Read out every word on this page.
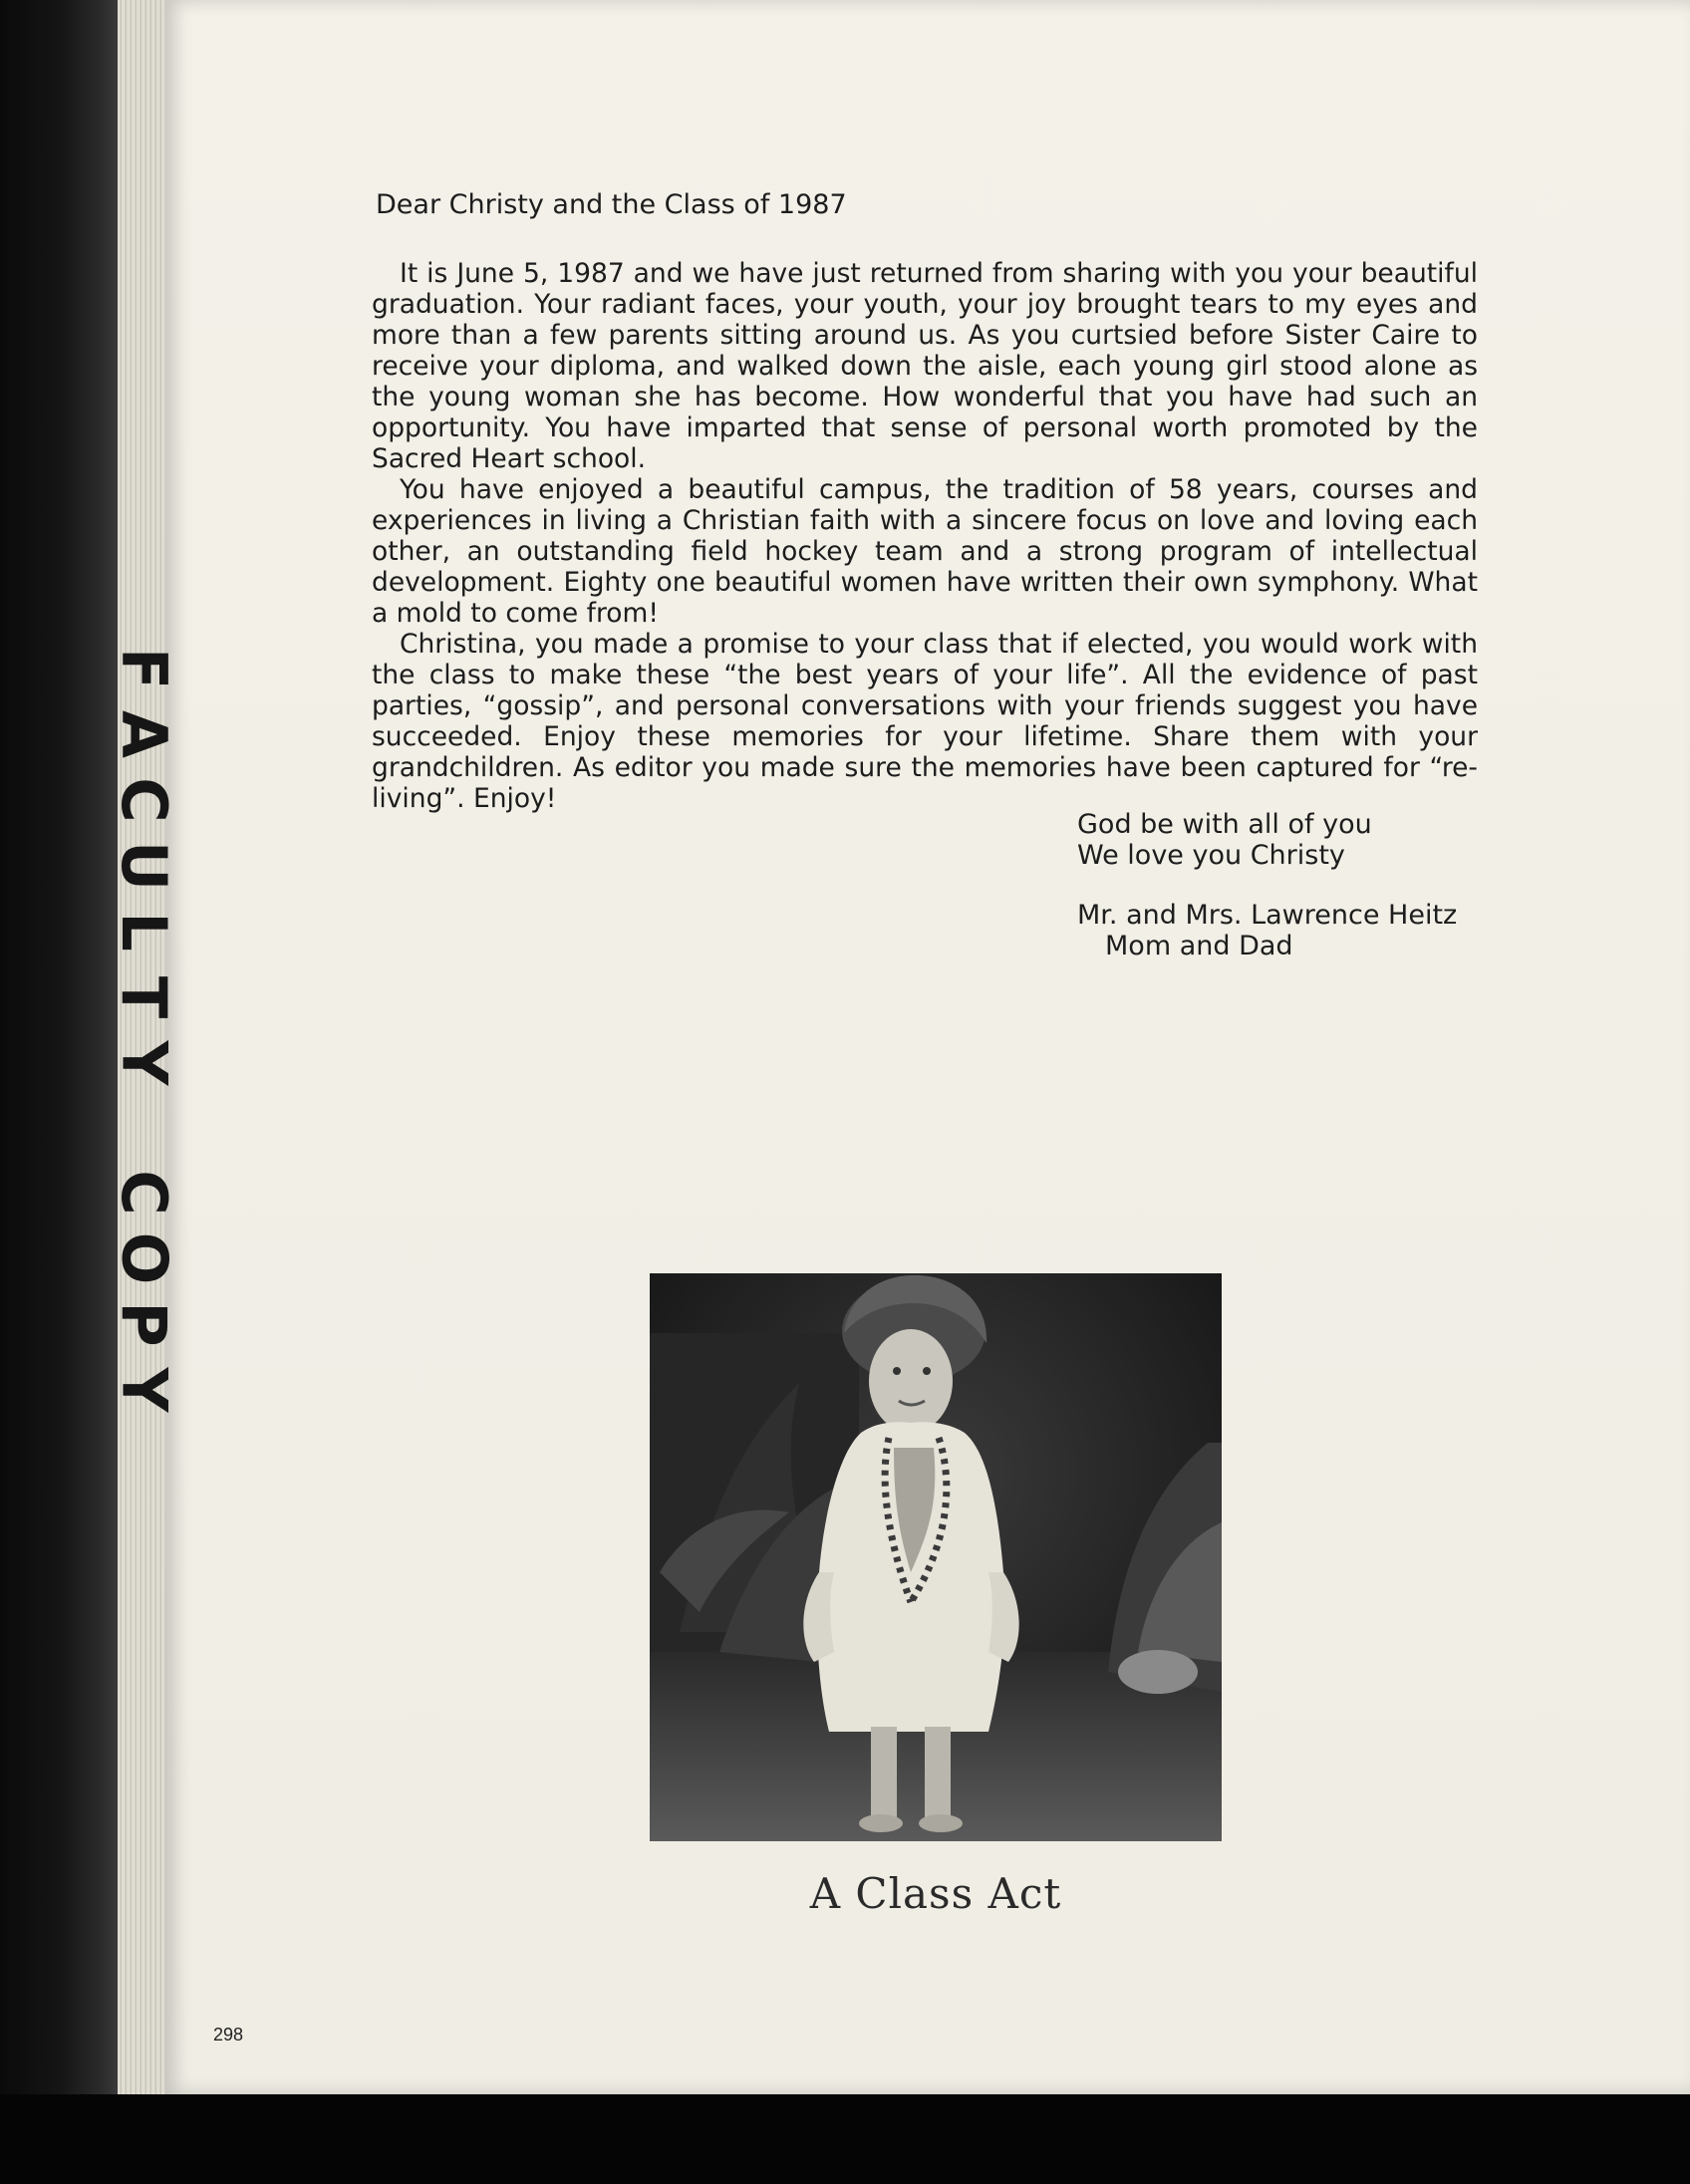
F
A
C
U
L
T
Y
C
O
P
Y

Dear Christy and the Class of 1987

It is June 5, 1987 and we have just returned from sharing with you your beautiful graduation. Your radiant faces, your youth, your joy brought tears to my eyes and more than a few parents sitting around us. As you curtsied before Sister Caire to receive your diploma, and walked down the aisle, each young girl stood alone as the young woman she has become. How wonderful that you have had such an opportunity. You have imparted that sense of personal worth promoted by the Sacred Heart school.

You have enjoyed a beautiful campus, the tradition of 58 years, courses and experiences in living a Christian faith with a sincere focus on love and loving each other, an outstanding field hockey team and a strong program of intellectual development. Eighty one beautiful women have written their own symphony. What a mold to come from!

Christina, you made a promise to your class that if elected, you would work with the class to make these “the best years of your life”. All the evidence of past parties, “gossip”, and personal conversations with your friends suggest you have succeeded. Enjoy these memories for your lifetime. Share them with your grandchildren. As editor you made sure the memories have been captured for “re-living”. Enjoy!

God be with all of you
We love you Christy
Mr. and Mrs. Lawrence Heitz
Mom and Dad
A Class Act
298
